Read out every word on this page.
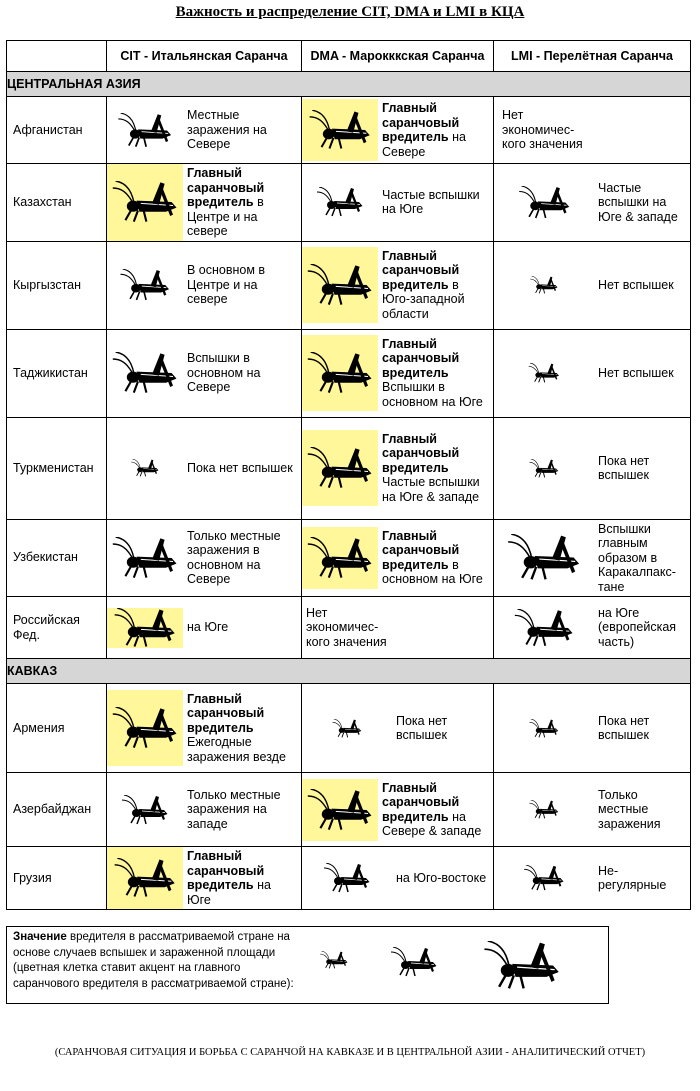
Важность и распределение CIT, DMA и LMI в КЦА
	CIT - Итальянская Саранча	DMA - Марокккская Саранча	LMI - Перелётная Саранча
ЦЕНТРАЛЬНАЯ АЗИЯ			
Афганистан	Местные заражения на Севере	Главный саранчовый вредитель на Севере	Нет экономичес-кого значения

Казахстан	Главный саранчовый вредитель в Центре и на севере	Частые вспышки на Юге	Частые вспышки на Юге & западе

Кыргызстан	В основном в Центре и на севере	Главный саранчовый вредитель в Юго-западной области	Нет вспышек

Таджикистан	Вспышки в основном на Севере	Главный саранчовый вредитель Вспышки в основном на Юге	Нет вспышек

Туркменистан	Пока нет вспышек	Главный саранчовый вредитель Частые вспышки на Юге & западе	Пока нет вспышек

Узбекистан	Только местные заражения в основном на Севере	Главный саранчовый вредитель в основном на Юге	Вспышки главным образом в Каракалпакс-тане

Российская Фед.	на Юге	Нет экономичес-кого значения	на Юге (европейская часть)

КАВКАЗ			
Армения	Главный саранчовый вредитель Ежегодные заражения везде	Пока нет вспышек	Пока нет вспышек

Азербайджан	Только местные заражения на западе	Главный саранчовый вредитель на Севере & западе	Только местные заражения

Грузия	Главный саранчовый вредитель на Юге	на Юго-востоке	Не-регулярные
Значение вредителя в рассматриваемой стране на основе случаев вспышек и зараженной площади (цветная клетка ставит акцент на главного саранчового вредителя в рассматриваемой стране):
(САРАНЧОВАЯ СИТУАЦИЯ И БОРЬБА С САРАНЧОЙ НА КАВКАЗЕ И В ЦЕНТРАЛЬНОЙ АЗИИ - АНАЛИТИЧЕСКИЙ ОТЧЕТ)
